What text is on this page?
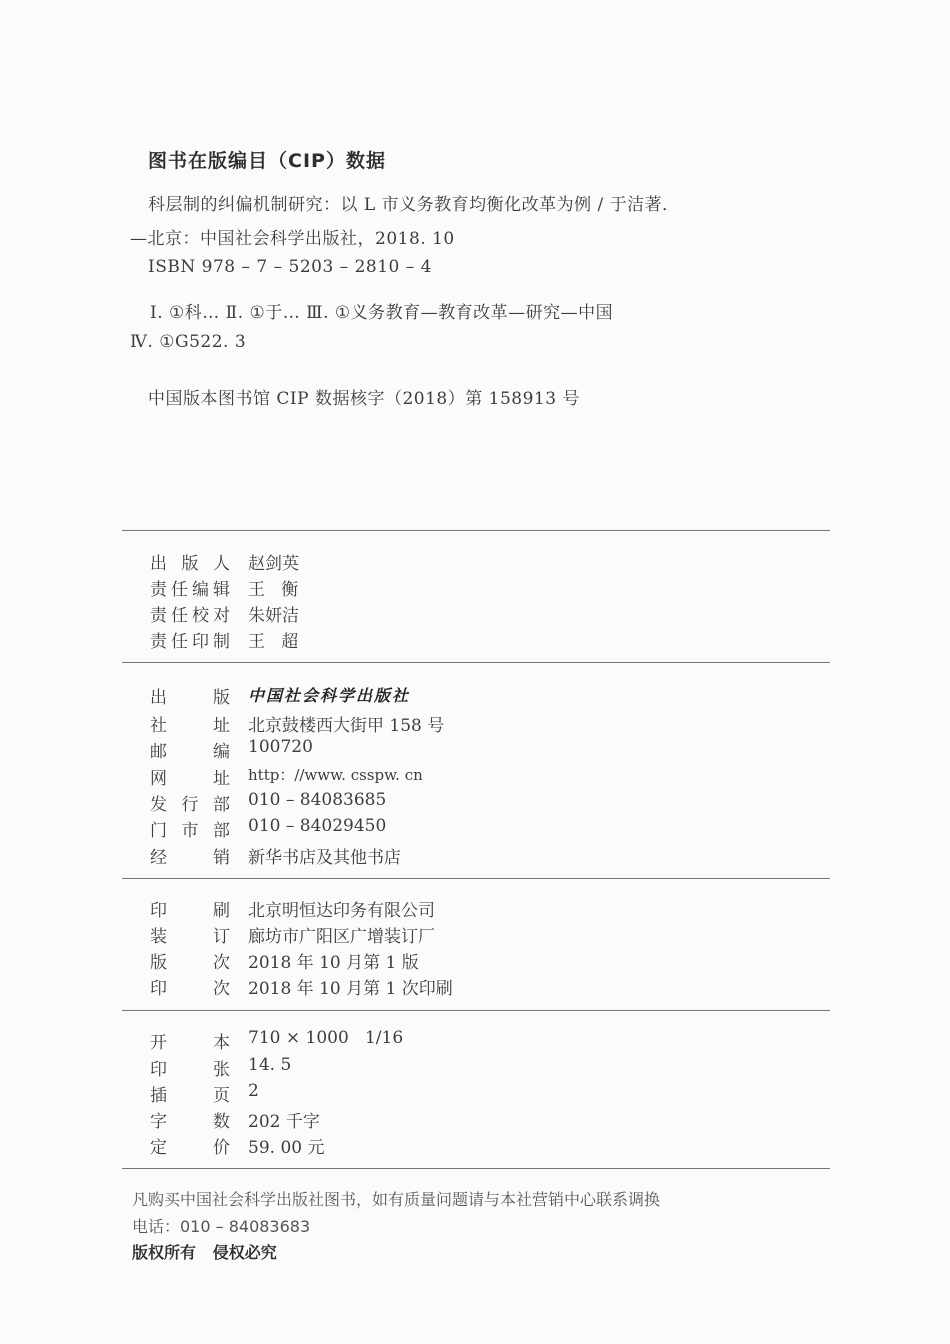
图书在版编目（CIP）数据
科层制的纠偏机制研究：以 L 市义务教育均衡化改革为例 / 于洁著．
—北京：中国社会科学出版社，2018. 10
ISBN 978 – 7 – 5203 – 2810 – 4
Ⅰ. ①科… Ⅱ. ①于… Ⅲ. ①义务教育—教育改革—研究—中国
Ⅳ. ①G522. 3
中国版本图书馆 CIP 数据核字（2018）第 158913 号
出 版 人 赵剑英
责 任 编 辑 王   衡
责 任 校 对 朱妍洁
责 任 印 制 王   超
出	版 中国社会科学出版社
社	址 北京鼓楼西大街甲 158 号
邮	编 100720
网	址 http：//www. csspw. cn
发 行 部 010 – 84083685
门 市 部 010 – 84029450
经	销 新华书店及其他书店
印	刷 北京明恒达印务有限公司
装	订 廊坊市广阳区广增装订厂
版	次 2018 年 10 月第 1 版
印	次 2018 年 10 月第 1 次印刷
开	本 710 × 1000   1/16
印	张 14. 5
插	页 2
字	数 202 千字
定	价 59. 00 元
凡购买中国社会科学出版社图书，如有质量问题请与本社营销中心联系调换
电话：010 – 84083683
版权所有   侵权必究
